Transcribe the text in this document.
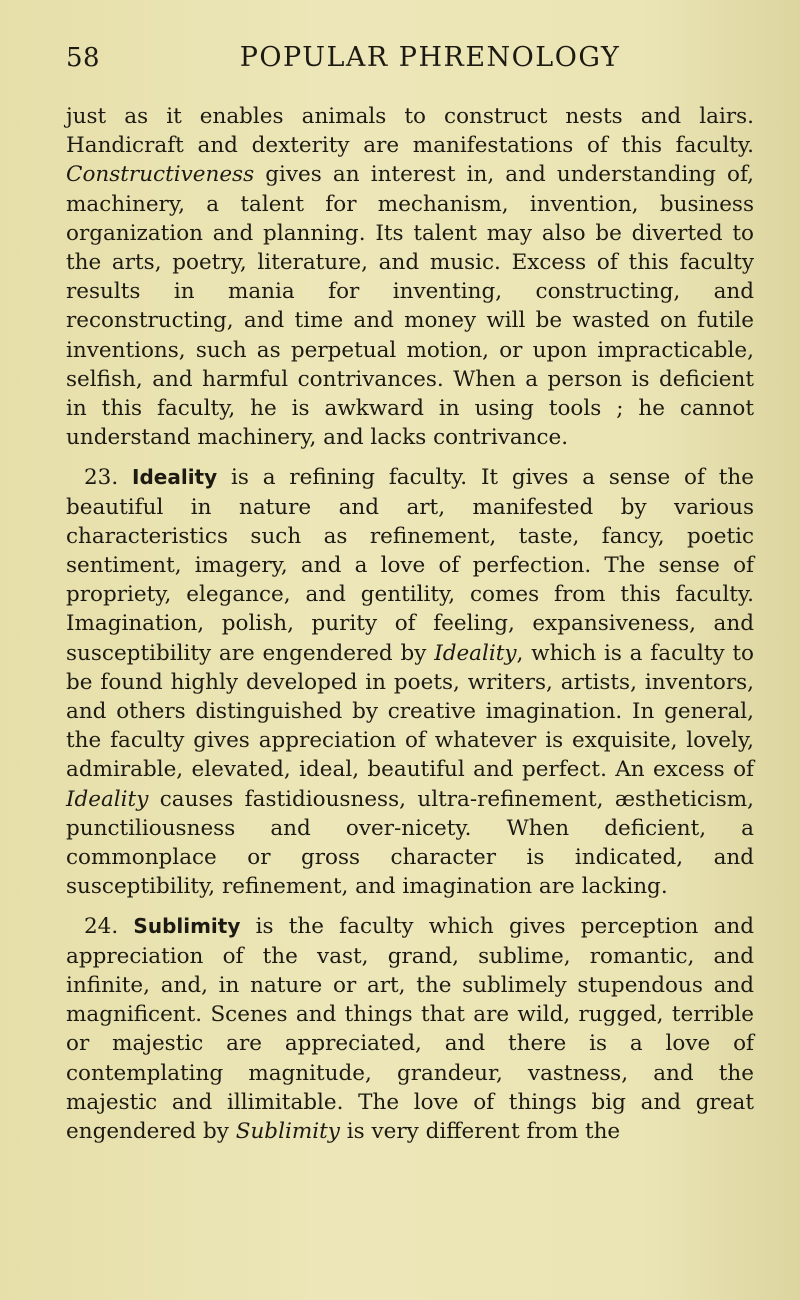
58	POPULAR PHRENOLOGY

just as it enables animals to construct nests and lairs. Handicraft and dexterity are manifestations of this faculty. Constructiveness gives an interest in, and understanding of, machinery, a talent for mechanism, invention, business organization and planning. Its talent may also be diverted to the arts, poetry, literature, and music. Excess of this faculty results in mania for inventing, constructing, and reconstructing, and time and money will be wasted on futile inventions, such as perpetual motion, or upon impracticable, selfish, and harmful contrivances. When a person is deficient in this faculty, he is awkward in using tools ; he cannot understand machinery, and lacks contrivance.

23. Ideality is a refining faculty. It gives a sense of the beautiful in nature and art, manifested by various characteristics such as refinement, taste, fancy, poetic sentiment, imagery, and a love of perfection. The sense of propriety, elegance, and gentility, comes from this faculty. Imagination, polish, purity of feeling, expansiveness, and susceptibility are engendered by Ideality, which is a faculty to be found highly developed in poets, writers, artists, inventors, and others distinguished by creative imagination. In general, the faculty gives appreciation of whatever is exquisite, lovely, admirable, elevated, ideal, beautiful and perfect. An excess of Ideality causes fastidiousness, ultra-refinement, æstheticism, punctiliousness and over-nicety. When deficient, a commonplace or gross character is indicated, and susceptibility, refinement, and imagination are lacking.

24. Sublimity is the faculty which gives perception and appreciation of the vast, grand, sublime, romantic, and infinite, and, in nature or art, the sublimely stupendous and magnificent. Scenes and things that are wild, rugged, terrible or majestic are appreciated, and there is a love of contemplating magnitude, grandeur, vastness, and the majestic and illimitable. The love of things big and great engendered by Sublimity is very different from the
